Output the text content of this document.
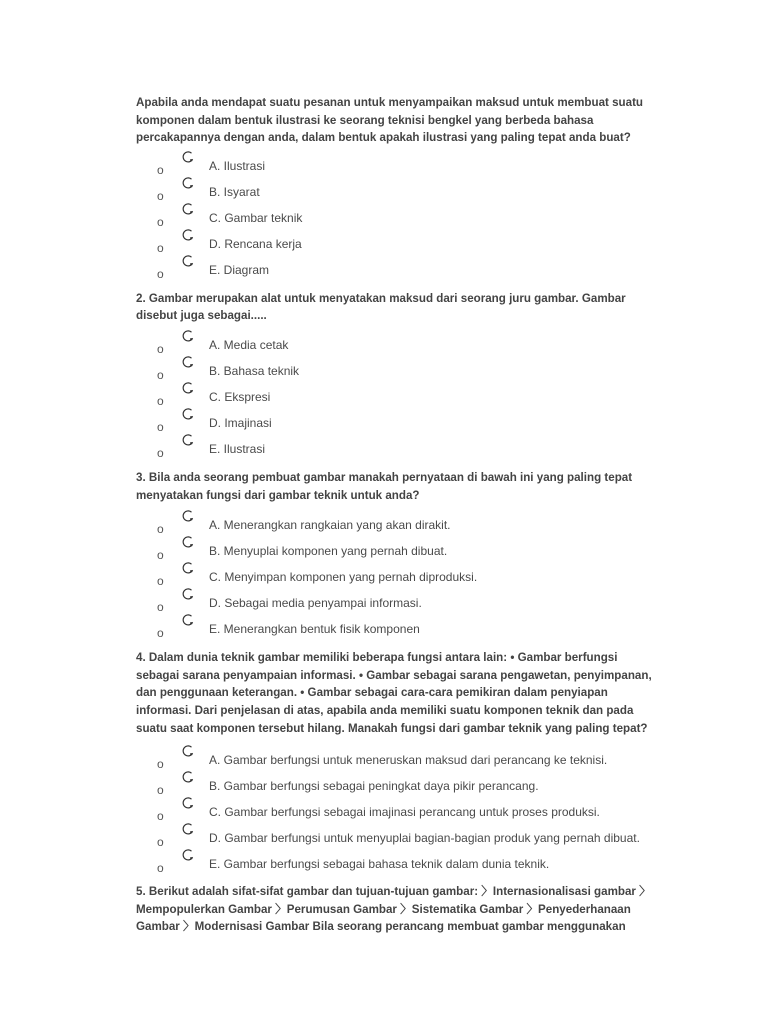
Apabila anda mendapat suatu pesanan untuk menyampaikan maksud untuk membuat suatu komponen dalam bentuk ilustrasi ke seorang teknisi bengkel yang berbeda bahasa percakapannya dengan anda, dalam bentuk apakah ilustrasi yang paling tepat anda buat?

o	A. Ilustrasi
o	B. Isyarat
o	C. Gambar teknik
o	D. Rencana kerja
o	E. Diagram

2. Gambar merupakan alat untuk menyatakan maksud dari seorang juru gambar. Gambar disebut juga sebagai.....

o	A. Media cetak
o	B. Bahasa teknik
o	C. Ekspresi
o	D. Imajinasi
o	E. Ilustrasi

3. Bila anda seorang pembuat gambar manakah pernyataan di bawah ini yang paling tepat menyatakan fungsi dari gambar teknik untuk anda?

o	A. Menerangkan rangkaian yang akan dirakit.
o	B. Menyuplai komponen yang pernah dibuat.
o	C. Menyimpan komponen yang pernah diproduksi.
o	D. Sebagai media penyampai informasi.
o	E. Menerangkan bentuk fisik komponen

4. Dalam dunia teknik gambar memiliki beberapa fungsi antara lain: • Gambar berfungsi sebagai sarana penyampaian informasi. • Gambar sebagai sarana pengawetan, penyimpanan, dan penggunaan keterangan. • Gambar sebagai cara-cara pemikiran dalam penyiapan informasi. Dari penjelasan di atas, apabila anda memiliki suatu komponen teknik dan pada suatu saat komponen tersebut hilang. Manakah fungsi dari gambar teknik yang paling tepat?

o	A. Gambar berfungsi untuk meneruskan maksud dari perancang ke teknisi.
o	B. Gambar berfungsi sebagai peningkat daya pikir perancang.
o	C. Gambar berfungsi sebagai imajinasi perancang untuk proses produksi.
o	D. Gambar berfungsi untuk menyuplai bagian-bagian produk yang pernah dibuat.
o	E. Gambar berfungsi sebagai bahasa teknik dalam dunia teknik.

5. Berikut adalah sifat-sifat gambar dan tujuan-tujuan gambar: 〉Internasionalisasi gambar 〉Mempopulerkan Gambar 〉Perumusan Gambar 〉Sistematika Gambar 〉Penyederhanaan Gambar 〉Modernisasi Gambar Bila seorang perancang membuat gambar menggunakan
